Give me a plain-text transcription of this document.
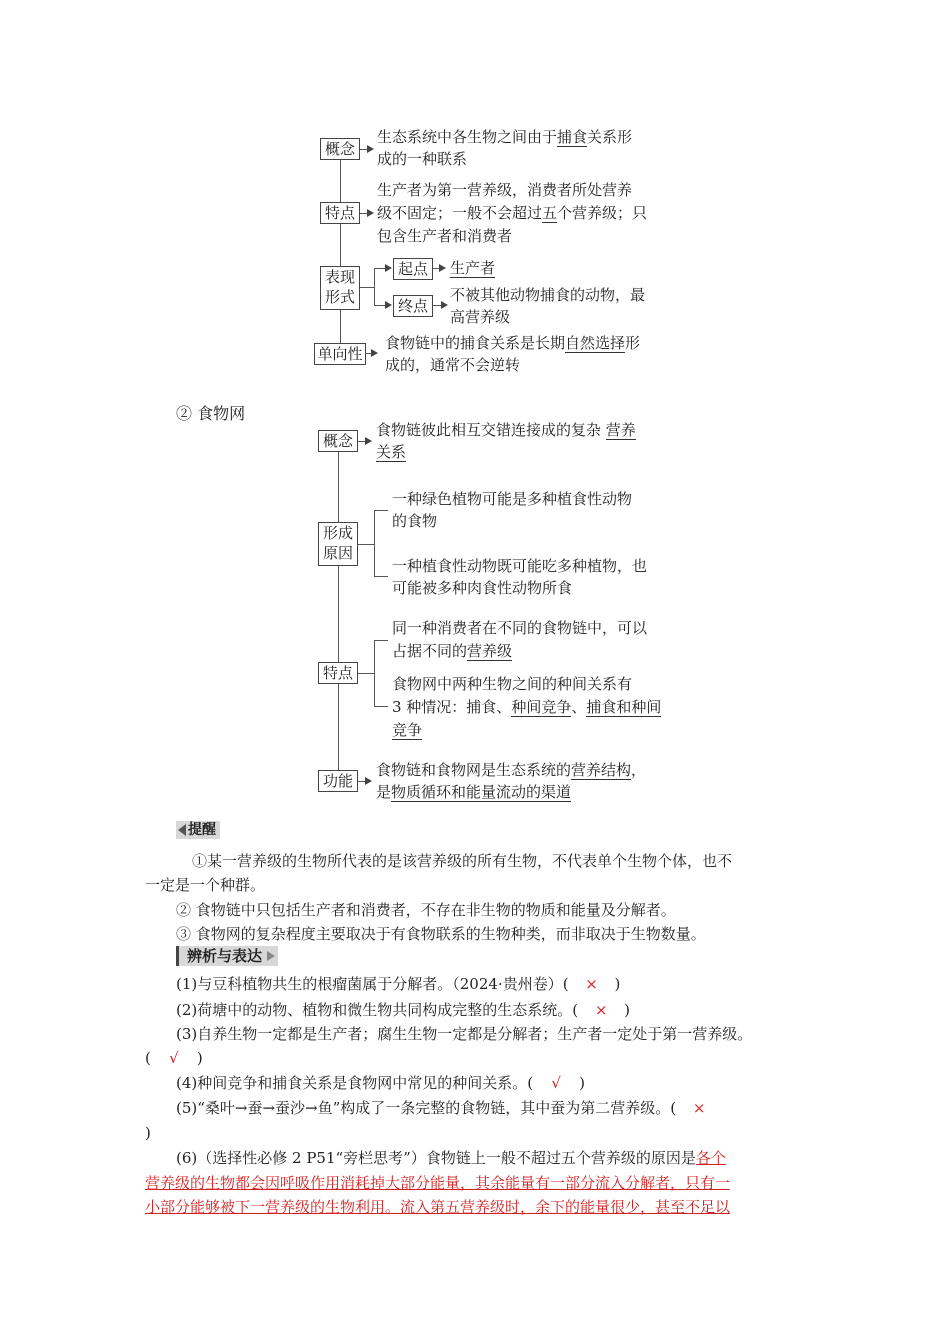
概念
生态系统中各生物之间由于捕食关系形
成的一种联系
特点
生产者为第一营养级，消费者所处营养
级不固定；一般不会超过五个营养级；只
包含生产者和消费者
表现
形式
起点	生产者
终点
不被其他动物捕食的动物，最
高营养级
单向性
食物链中的捕食关系是长期自然选择形
成的，通常不会逆转
② 食物网
概念
食物链彼此相互交错连接成的复杂 营养
关系
形成
原因
一种绿色植物可能是多种植食性动物
的食物
一种植食性动物既可能吃多种植物，也
可能被多种肉食性动物所食
特点
同一种消费者在不同的食物链中，可以
占据不同的营养级
食物网中两种生物之间的种间关系有
3 种情况：捕食、种间竞争、捕食和种间
竞争
功能
食物链和食物网是生态系统的营养结构，
是物质循环和能量流动的渠道
提醒
①某一营养级的生物所代表的是该营养级的所有生物，不代表单个生物个体，也不
一定是一个种群。
② 食物链中只包括生产者和消费者，不存在非生物的物质和能量及分解者。
③ 食物网的复杂程度主要取决于有食物联系的生物种类，而非取决于生物数量。
辨析与表达
(1)与豆科植物共生的根瘤菌属于分解者。（2024·贵州卷）( × )
(2)荷塘中的动物、植物和微生物共同构成完整的生态系统。( × )
(3)自养生物一定都是生产者；腐生生物一定都是分解者；生产者一定处于第一营养级。
( √ )
(4)种间竞争和捕食关系是食物网中常见的种间关系。( √ )
(5)“桑叶→蚕→蚕沙→鱼”构成了一条完整的食物链，其中蚕为第二营养级。( ×
)
(6)（选择性必修 2 P51“旁栏思考”）食物链上一般不超过五个营养级的原因是各个
营养级的生物都会因呼吸作用消耗掉大部分能量，其余能量有一部分流入分解者，只有一
小部分能够被下一营养级的生物利用。流入第五营养级时，余下的能量很少，甚至不足以
